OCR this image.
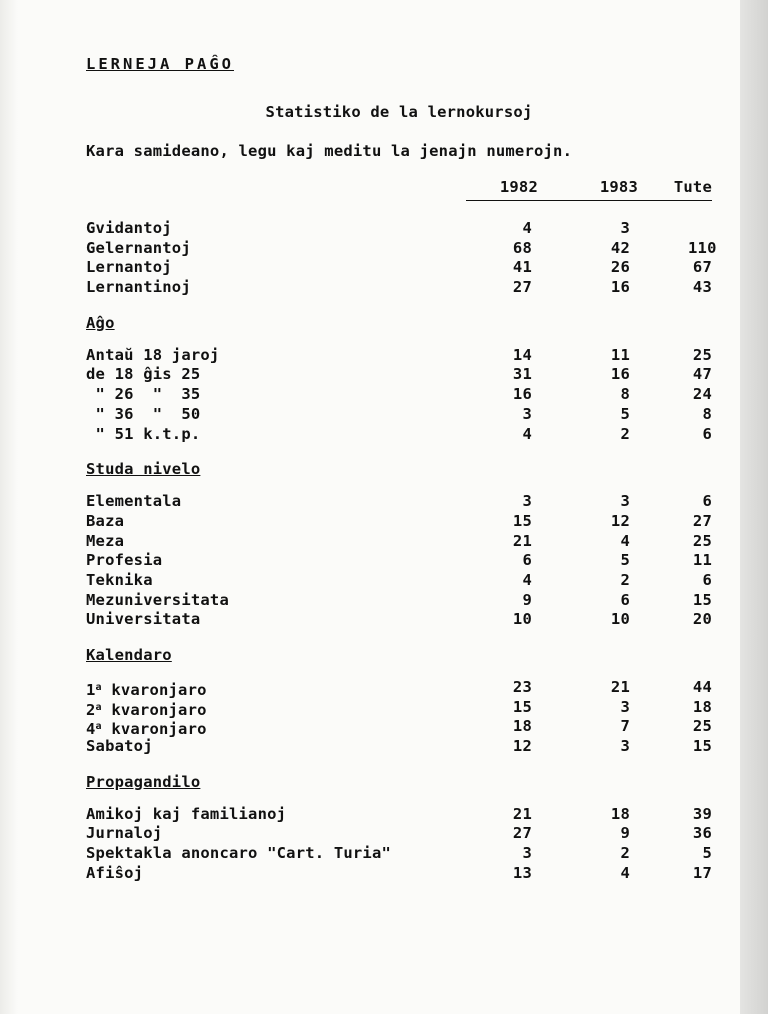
LERNEJA PAĜO
Statistiko de la lernokursoj
Kara samideano, legu kaj meditu la jenajn numerojn.
1982	1983	Tute
Gvidantoj	4	3
Gelernantoj	68	42	110
Lernantoj	41	26	67
Lernantinoj	27	16	43
Aĝo
Antaŭ 18 jaroj	14	11	25
de 18 ĝis 25	31	16	47
" 26  "  35	16	8	24
" 36  "  50	3	5	8
" 51 k.t.p.	4	2	6
Studa nivelo
Elementala	3	3	6
Baza	15	12	27
Meza	21	4	25
Profesia	6	5	11
Teknika	4	2	6
Mezuniversitata	9	6	15
Universitata	10	10	20
Kalendaro
1$^a$ kvaronjaro	23	21	44
2$^a$ kvaronjaro	15	3	18
4$^a$ kvaronjaro	18	7	25
Sabatoj	12	3	15
Propagandilo
Amikoj kaj familianoj	21	18	39
Jurnaloj	27	9	36
Spektakla anoncaro "Cart. Turia"	3	2	5
Afiŝoj	13	4	17
